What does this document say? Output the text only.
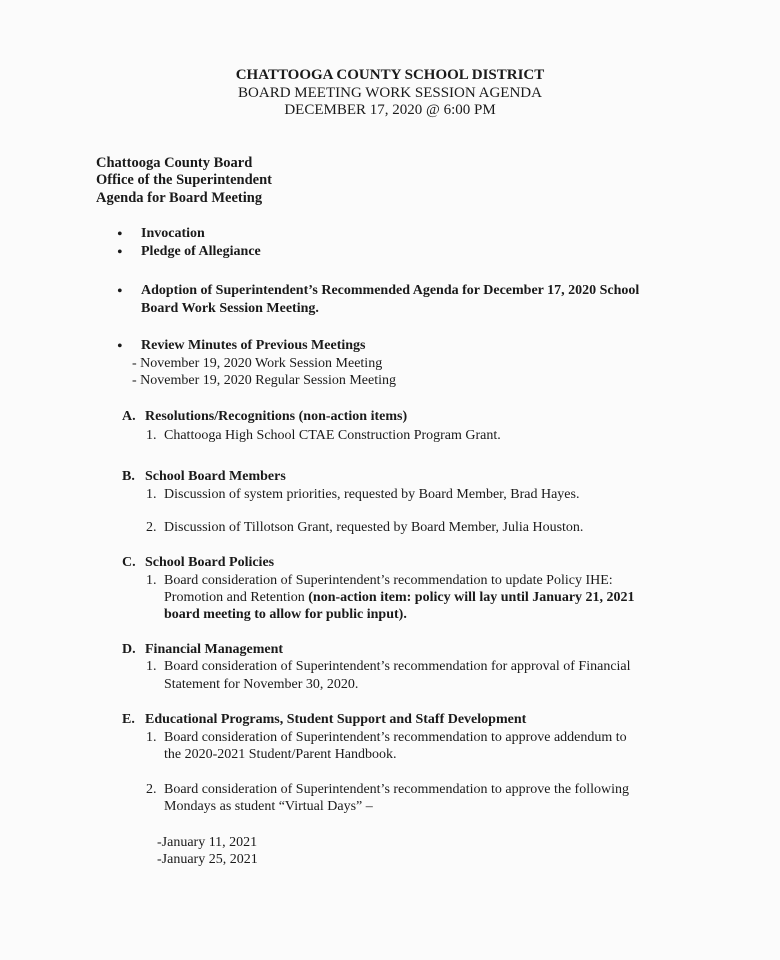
CHATTOOGA COUNTY SCHOOL DISTRICT
BOARD MEETING WORK SESSION AGENDA
DECEMBER 17, 2020 @ 6:00 PM
Chattooga County Board
Office of the Superintendent
Agenda for Board Meeting
• Invocation
• Pledge of Allegiance
• Adoption of Superintendent’s Recommended Agenda for December 17, 2020 School
Board Work Session Meeting.
• Review Minutes of Previous Meetings
- November 19, 2020 Work Session Meeting
- November 19, 2020 Regular Session Meeting
A. Resolutions/Recognitions (non-action items)
1. Chattooga High School CTAE Construction Program Grant.
B. School Board Members
1. Discussion of system priorities, requested by Board Member, Brad Hayes.
2. Discussion of Tillotson Grant, requested by Board Member, Julia Houston.
C. School Board Policies
1. Board consideration of Superintendent’s recommendation to update Policy IHE:
Promotion and Retention (non-action item: policy will lay until January 21, 2021
board meeting to allow for public input).
D. Financial Management
1. Board consideration of Superintendent’s recommendation for approval of Financial
Statement for November 30, 2020.
E. Educational Programs, Student Support and Staff Development
1. Board consideration of Superintendent’s recommendation to approve addendum to
the 2020-2021 Student/Parent Handbook.
2. Board consideration of Superintendent’s recommendation to approve the following
Mondays as student “Virtual Days” –
-January 11, 2021
-January 25, 2021
